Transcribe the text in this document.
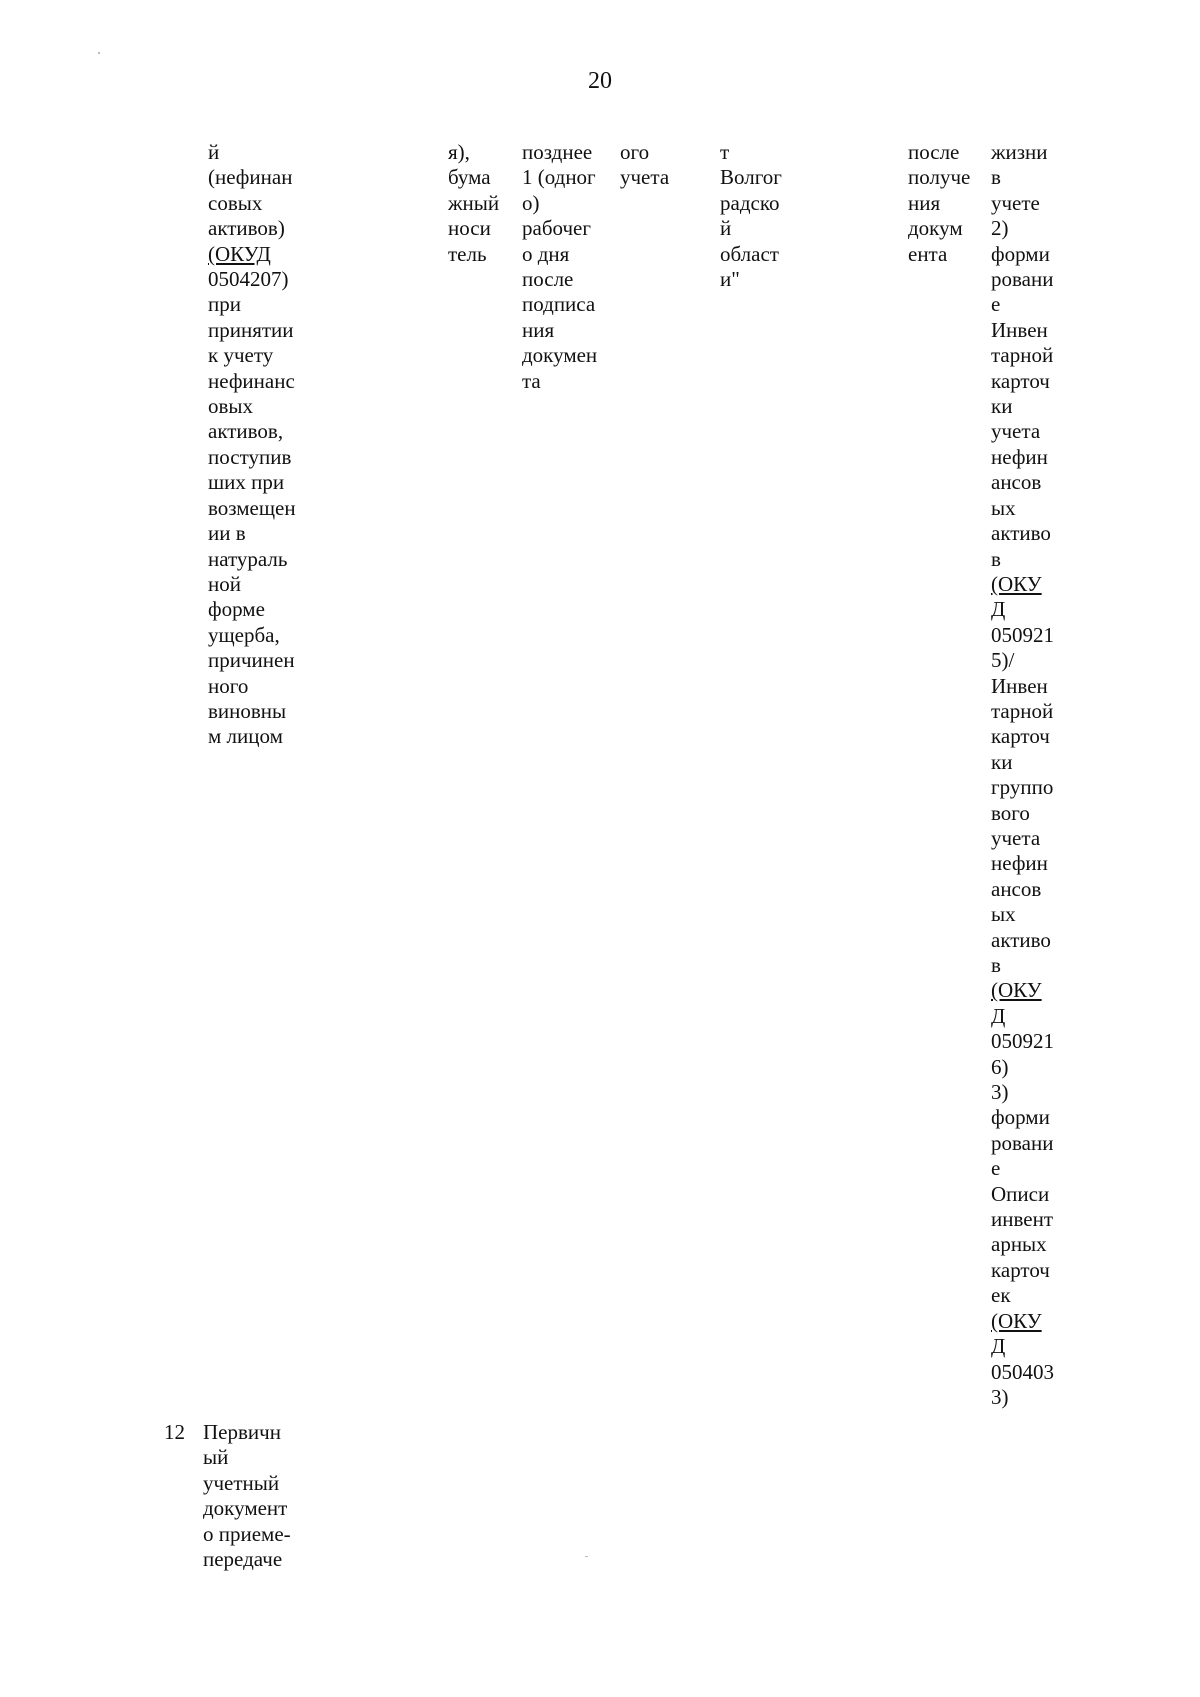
20
й
(нефинан
совых
активов)
(ОКУД
0504207)
при
принятии
к учету
нефинанс
овых
активов,
поступив
ших при
возмещен
ии в
натураль
ной
форме
ущерба,
причинен
ного
виновны
м лицом
я),
бума
жный
носи
тель
позднее
1 (одног
о)
рабочег
о дня
после
подписа
ния
докумен
та
ого
учета
т
Волгог
радско
й
област
и"
после
получе
ния
докум
ента
жизни
в
учете
2)
форми
ровани
е
Инвен
тарной
карточ
ки
учета
нефин
ансов
ых
активо
в
(ОКУ
Д
050921
5)/
Инвен
тарной
карточ
ки
группо
вого
учета
нефин
ансов
ых
активо
в
(ОКУ
Д
050921
6)
3)
форми
ровани
е
Описи
инвент
арных
карточ
ек
(ОКУ
Д
050403
3)
12 Первичн
ый
учетный
документ
о приеме-
передаче
